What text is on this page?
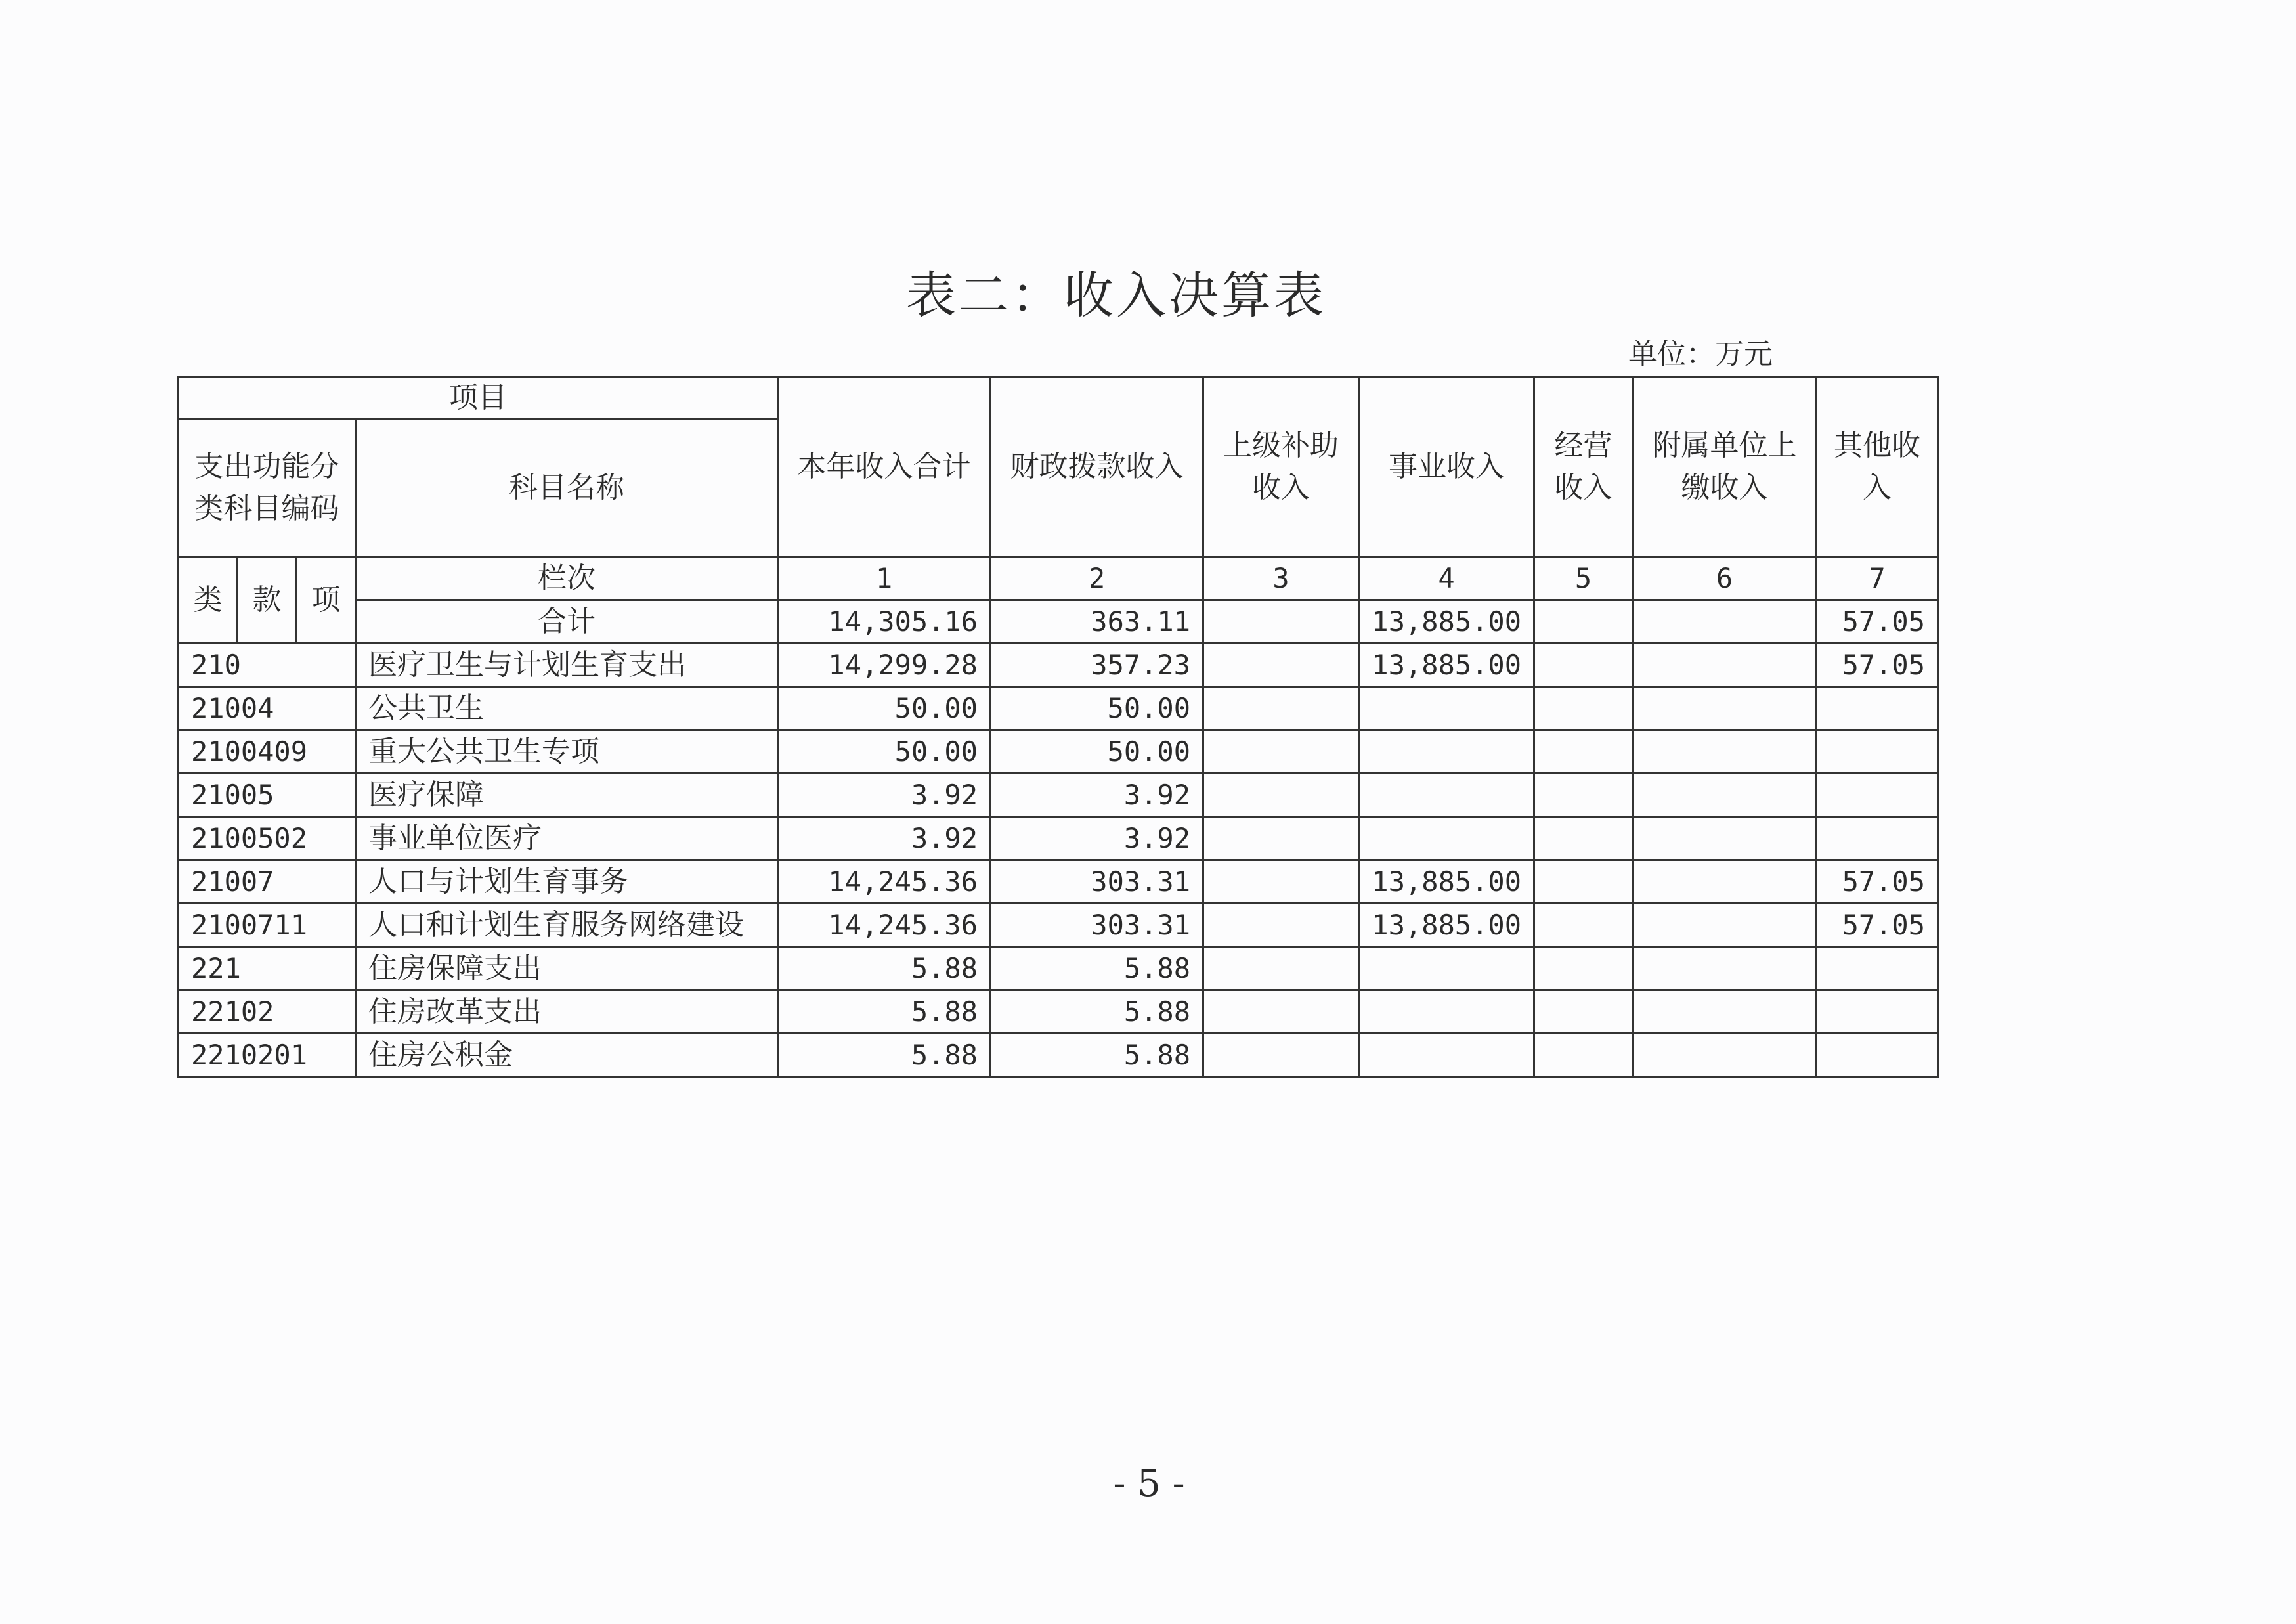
表二：收入决算表
单位：万元
项目				本年收入合计	财政拨款收入	上级补助收入	事业收入	经营收入	附属单位上缴收入	其他收入
支出功能分类科目编码			科目名称							
类	款	项	栏次	1	2	3	4	5	6	7
			合计	14,305.16	363.11		13,885.00			57.05
210			医疗卫生与计划生育支出	14,299.28	357.23		13,885.00			57.05
21004			公共卫生	50.00	50.00					
2100409			重大公共卫生专项	50.00	50.00					
21005			医疗保障	3.92	3.92					
2100502			事业单位医疗	3.92	3.92					
21007			人口与计划生育事务	14,245.36	303.31		13,885.00			57.05
2100711			人口和计划生育服务网络建设	14,245.36	303.31		13,885.00			57.05
221			住房保障支出	5.88	5.88					
22102			住房改革支出	5.88	5.88					
2210201			住房公积金	5.88	5.88					
- 5 -
